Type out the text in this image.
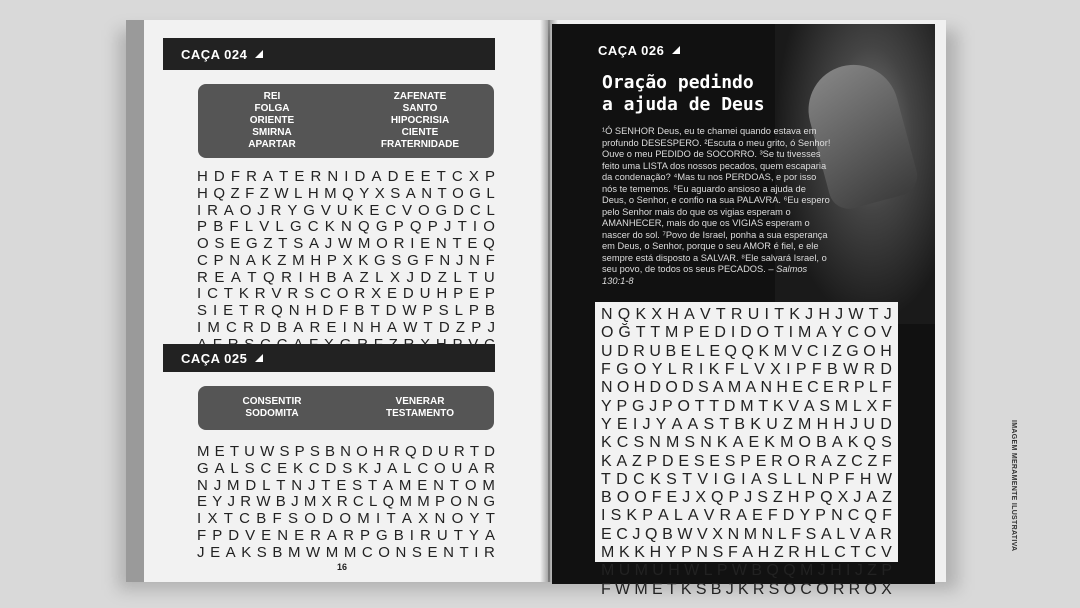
CAÇA 024
REI	ZAFENATE
FOLGA	SANTO
ORIENTE	HIPOCRISIA
SMIRNA	CIENTE
APARTAR	FRATERNIDADE
H D F R A T E R N I D A D E E T C X P
H Q Z F Z W L H M Q Y X S A N T O G L
I R A O J R Y G V U K E C V O G D C L
P B F L V L G C K N Q G P Q P J T I O
O S E G Z T S A J W M O R I E N T E Q
C P N A K Z M H P X K G S G F N J N F
R E A T Q R I H B A Z L X J D Z L T U
I C T K R V R S C O R X E D U H P E P
S I E T R Q N H D F B T D W P S L P B
I M C R D B A R E I N H A W T D Z P J
CAÇA 025
CONSENTIR	VENERAR
SODOMITA	TESTAMENTO
M E T U W S P S B N O H R Q D U R T D
G A L S C E K C D S K J A L C O U A R
N J M D L T N J T E S T A M E N T O M
E Y J R W B J M X R C L Q M M P O N G
I X T C B F S O D O M I T A X N O Y T
F P D V E N E R A R P G B I R U T Y A
J E A K S B M W M M C O N S E N T I R
16
CAÇA 026
Oração pedindo
a ajuda de Deus
¹Ó SENHOR Deus, eu te chamei quando estava em profundo DESESPERO. ²Escuta o meu grito, ó Senhor! Ouve o meu PEDIDO de SOCORRO. ³Se tu tivesses feito uma LISTA dos nossos pecados, quem escaparia da condenação? ⁴Mas tu nos PERDOAS, e por isso nós te tememos. ⁵Eu aguardo ansioso a ajuda de Deus, o Senhor, e confio na sua PALAVRA. ⁶Eu espero pelo Senhor mais do que os vigias esperam o AMANHECER, mais do que os VIGIAS esperam o nascer do sol. ⁷Povo de Israel, ponha a sua esperança em Deus, o Senhor, porque o seu AMOR é fiel, e ele sempre está disposto a SALVAR. ⁸Ele salvará Israel, o seu povo, de todos os seus PECADOS. – Salmos 130:1-8
N Q K X H A V T R U I T K J H J W T J
O Ğ T T M P E D I D O T I M A Y C O V
U D R U B E L E Q Q K M V C I Z G O H
F G O Y L R I K F L V X I P F B W R D
N O H D O D S A M A N H E C E R P L F
Y P G J P O T T D M T K V A S M L X F
Y E I J Y A A S T B K U Z M H H J U D
K C S N M S N K A E K M O B A K Q S
K A Z P D E S E S P E R O R A Z C Z F
T D C K S T V I G I A S L L N P F H W
B O O F E J X Q P J S Z H P Q X J A Z
I S K P A L A V R A E F D Y P N C Q F
E C J Q B W V X N M N L F S A L V A R
M K K H Y P N S F A H Z R H L C T C V
M U M U H W L P W B Q Q M J H I J Z P
F W M E T K S B J K R S O C O R R O X
IMAGEM MERAMENTE ILUSTRATIVA
